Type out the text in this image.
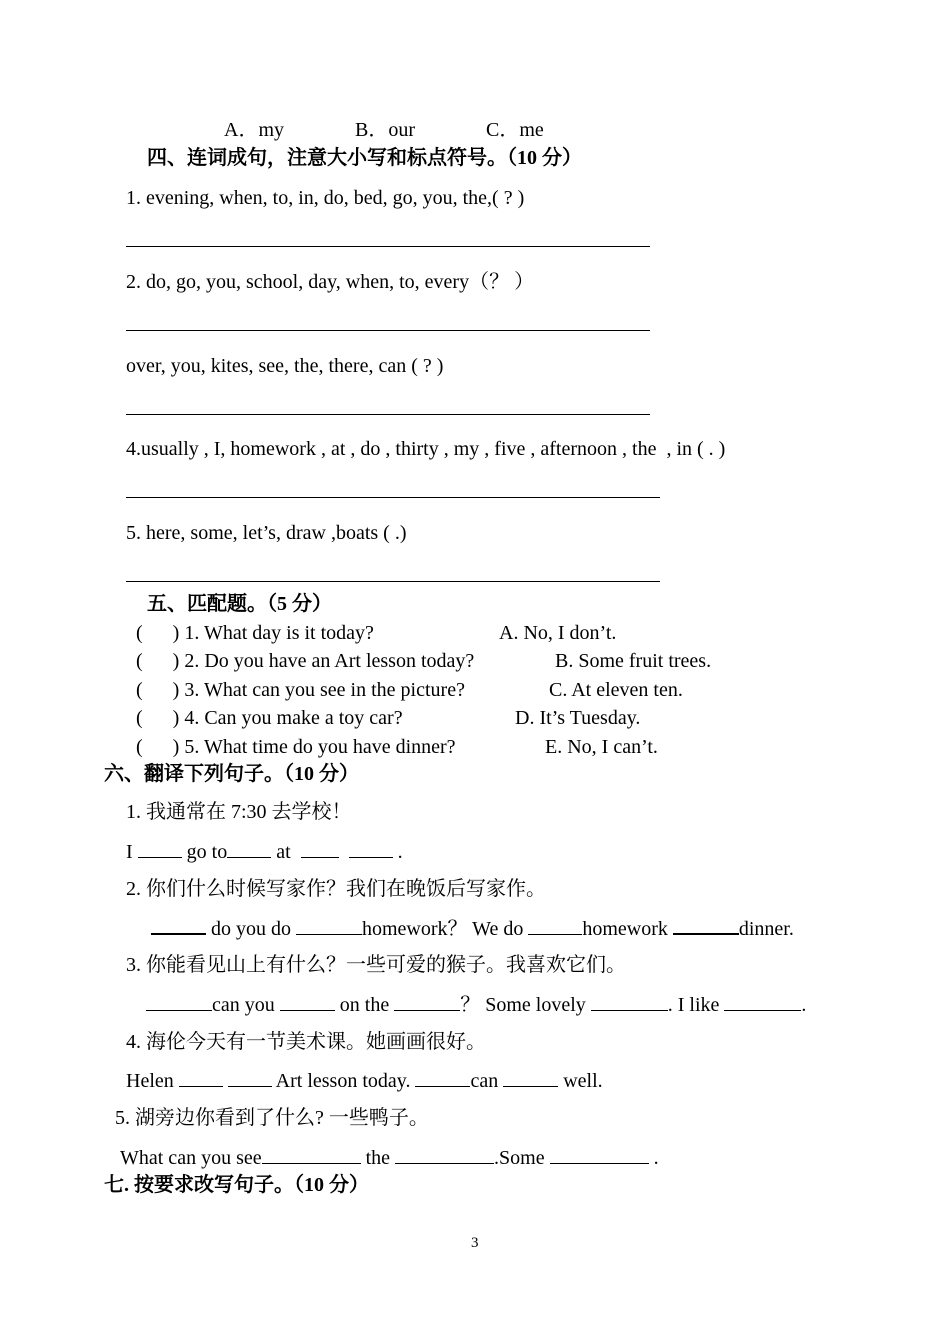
A．my	B．our	C．me
四、连词成句，注意大小写和标点符号。（10 分）
1. evening, when, to, in, do, bed, go, you, the,( ? )
2. do, go, you, school, day, when, to, every（？ ）
over, you, kites, see, the, there, can ( ? )
4.usually , I, homework , at , do , thirty , my , five , afternoon , the  , in ( . )
5. here, some, let’s, draw ,boats ( .)
五、匹配题。（5 分）
(      ) 1. What day is it today?	A. No, I don’t.
(      ) 2. Do you have an Art lesson today?	B. Some fruit trees.
(      ) 3. What can you see in the picture?	C. At eleven ten.
(      ) 4. Can you make a toy car?	D. It’s Tuesday.
(      ) 5. What time do you have dinner?	E. No, I can’t.
六、翻译下列句子。（10 分）
1. 我通常在 7:30 去学校！
I  go to at	.
2. 你们什么时候写家作？我们在晚饭后写家作。
do you do	homework？ We do	homework	dinner.
3. 你能看见山上有什么？一些可爱的猴子。我喜欢它们。
can you	on the	？ Some lovely	. I like	.
4. 海伦今天有一节美术课。她画画很好。
Helen	Art lesson today.	can	well.
5. 湖旁边你看到了什么? 一些鸭子。
What can you see	the	.Some	.
七. 按要求改写句子。（10 分）
3
